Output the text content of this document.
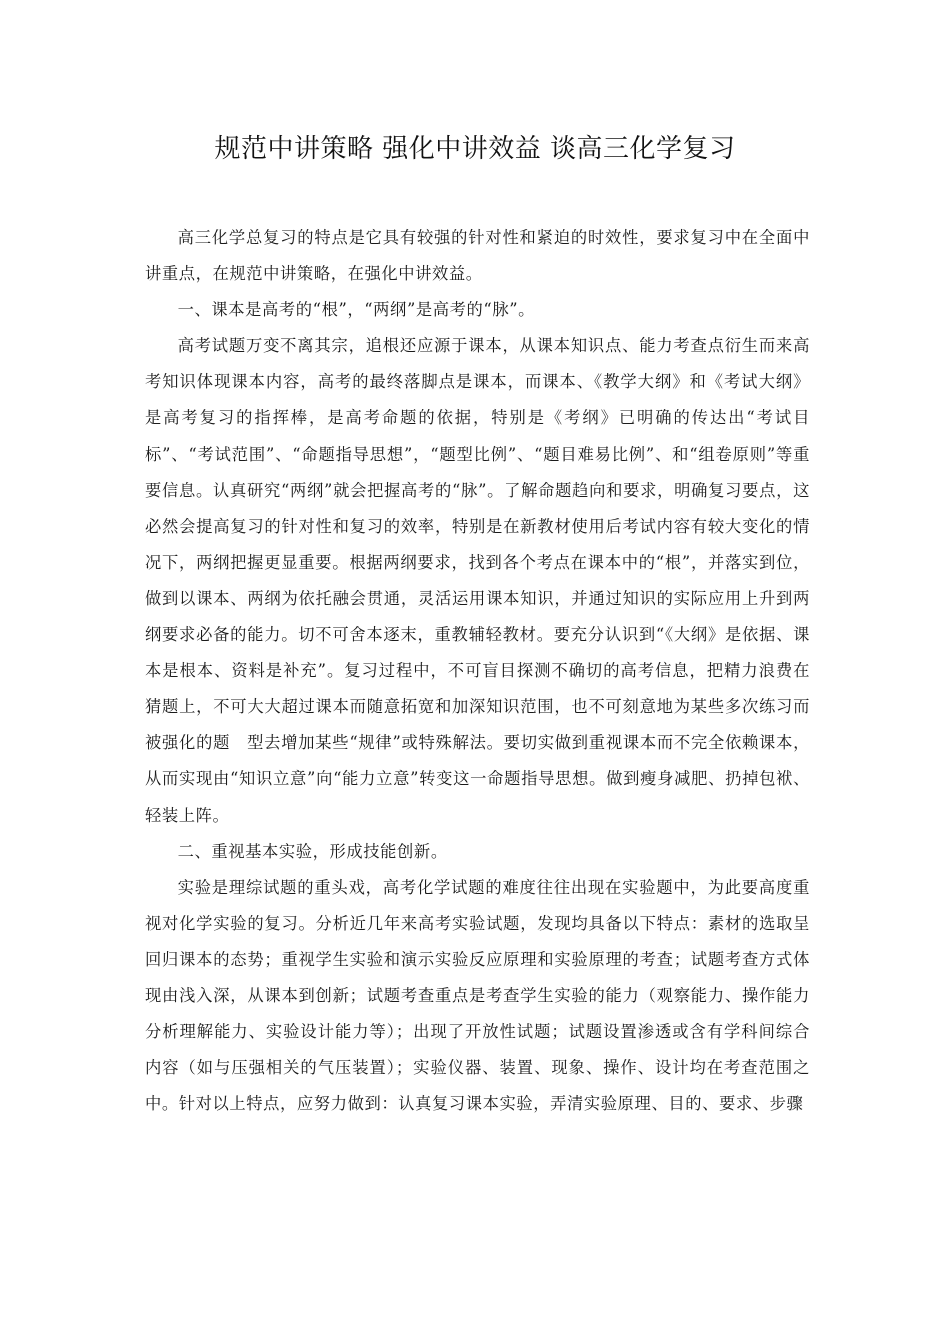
规范中讲策略 强化中讲效益 谈高三化学复习

高三化学总复习的特点是它具有较强的针对性和紧迫的时效性，要求复习中在全面中讲重点，在规范中讲策略，在强化中讲效益。

一、课本是高考的“根”，“两纲”是高考的“脉”。

高考试题万变不离其宗，追根还应源于课本，从课本知识点、能力考查点衍生而来高考知识体现课本内容，高考的最终落脚点是课本，而课本、《教学大纲》和《考试大纲》是高考复习的指挥棒，是高考命题的依据，特别是《考纲》已明确的传达出“考试目标”、“考试范围”、“命题指导思想”，“题型比例”、“题目难易比例”、和“组卷原则”等重要信息。认真研究“两纲”就会把握高考的“脉”。了解命题趋向和要求，明确复习要点，这必然会提高复习的针对性和复习的效率，特别是在新教材使用后考试内容有较大变化的情况下，两纲把握更显重要。根据两纲要求，找到各个考点在课本中的“根”，并落实到位，做到以课本、两纲为依托融会贯通，灵活运用课本知识，并通过知识的实际应用上升到两纲要求必备的能力。切不可舍本逐末，重教辅轻教材。要充分认识到“《大纲》是依据、课本是根本、资料是补充”。复习过程中，不可盲目探测不确切的高考信息，把精力浪费在猜题上，不可大大超过课本而随意拓宽和加深知识范围，也不可刻意地为某些多次练习而被强化的题　型去增加某些“规律”或特殊解法。要切实做到重视课本而不完全依赖课本，从而实现由“知识立意”向“能力立意”转变这一命题指导思想。做到瘦身减肥、扔掉包袱、轻装上阵。

二、重视基本实验，形成技能创新。

实验是理综试题的重头戏，高考化学试题的难度往往出现在实验题中，为此要高度重视对化学实验的复习。分析近几年来高考实验试题，发现均具备以下特点：素材的选取呈回归课本的态势；重视学生实验和演示实验反应原理和实验原理的考查；试题考查方式体现由浅入深，从课本到创新；试题考查重点是考查学生实验的能力（观察能力、操作能力分析理解能力、实验设计能力等）；出现了开放性试题；试题设置渗透或含有学科间综合内容（如与压强相关的气压装置）；实验仪器、装置、现象、操作、设计均在考查范围之中。针对以上特点，应努力做到：认真复习课本实验，弄清实验原理、目的、要求、步骤
